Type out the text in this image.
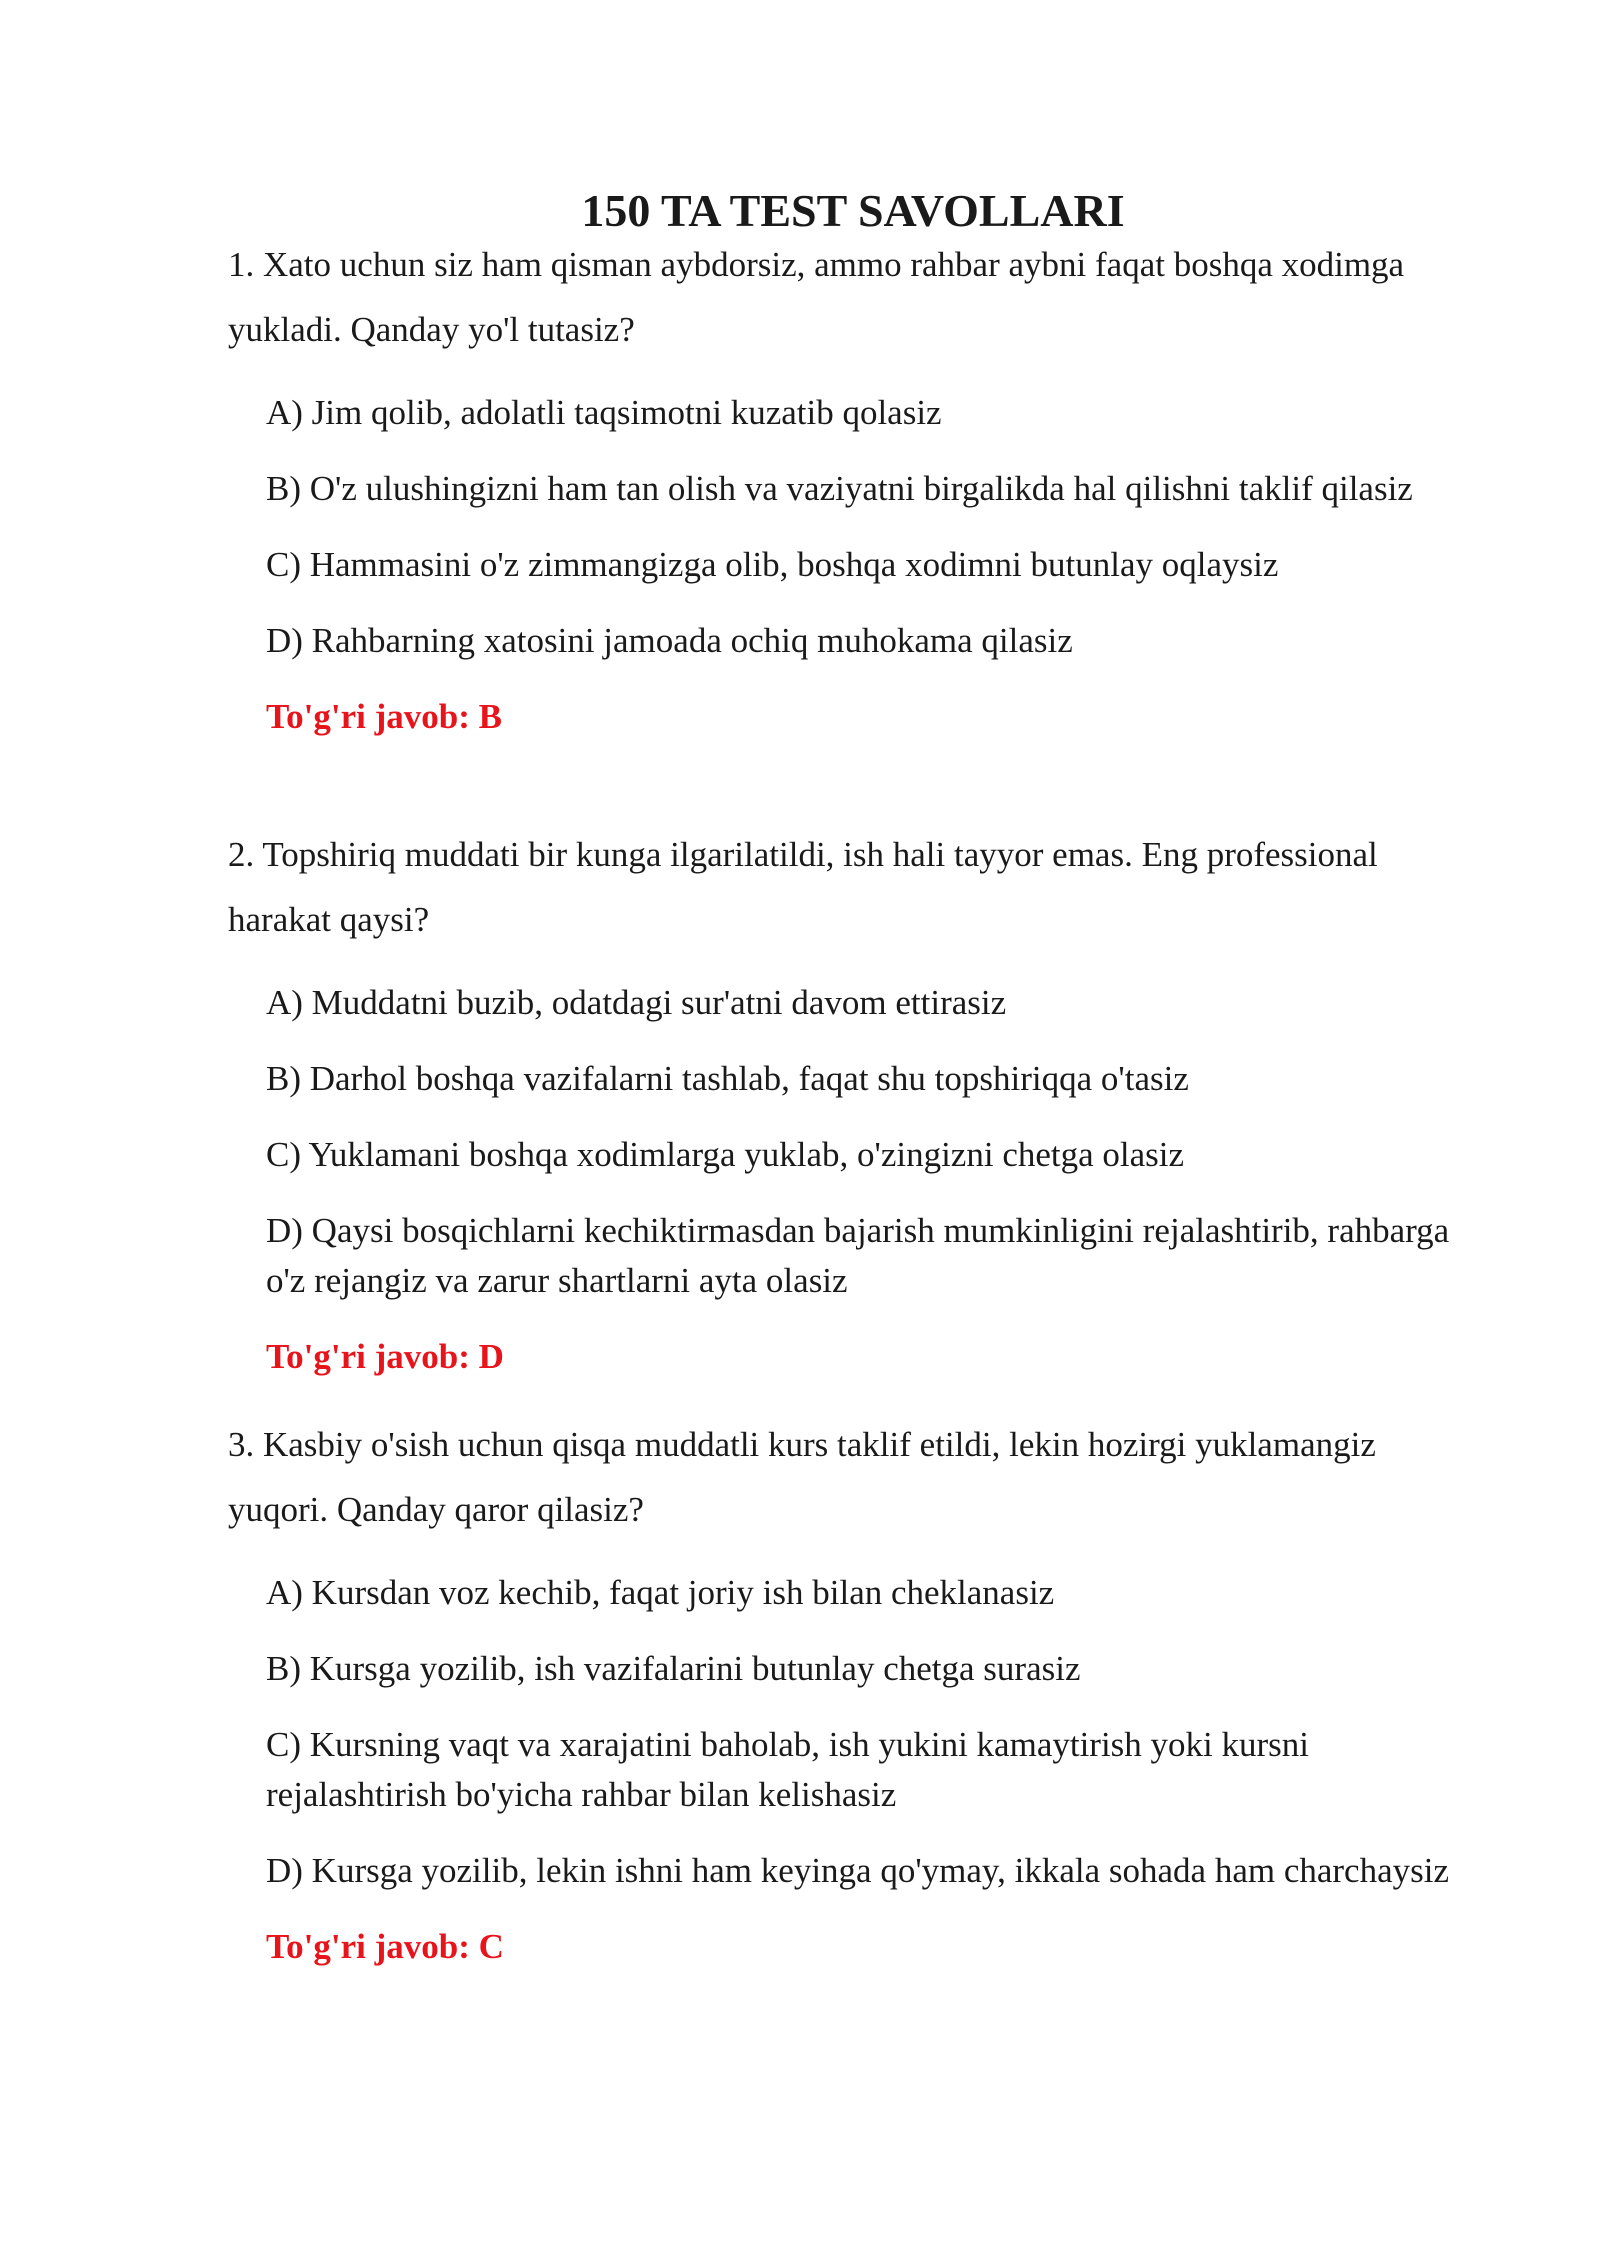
150 TA TEST SAVOLLARI

1. Xato uchun siz ham qisman aybdorsiz, ammo rahbar aybni faqat boshqa xodimga yukladi. Qanday yo'l tutasiz?

A) Jim qolib, adolatli taqsimotni kuzatib qolasiz
B) O'z ulushingizni ham tan olish va vaziyatni birgalikda hal qilishni taklif qilasiz
C) Hammasini o'z zimmangizga olib, boshqa xodimni butunlay oqlaysiz
D) Rahbarning xatosini jamoada ochiq muhokama qilasiz
To'g'ri javob: B

2. Topshiriq muddati bir kunga ilgarilatildi, ish hali tayyor emas. Eng professional harakat qaysi?

A) Muddatni buzib, odatdagi sur'atni davom ettirasiz
B) Darhol boshqa vazifalarni tashlab, faqat shu topshiriqqa o'tasiz
C) Yuklamani boshqa xodimlarga yuklab, o'zingizni chetga olasiz
D) Qaysi bosqichlarni kechiktirmasdan bajarish mumkinligini rejalashtirib, rahbarga o'z rejangiz va zarur shartlarni ayta olasiz
To'g'ri javob: D

3. Kasbiy o'sish uchun qisqa muddatli kurs taklif etildi, lekin hozirgi yuklamangiz yuqori. Qanday qaror qilasiz?

A) Kursdan voz kechib, faqat joriy ish bilan cheklanasiz
B) Kursga yozilib, ish vazifalarini butunlay chetga surasiz
C) Kursning vaqt va xarajatini baholab, ish yukini kamaytirish yoki kursni rejalashtirish bo'yicha rahbar bilan kelishasiz
D) Kursga yozilib, lekin ishni ham keyinga qo'ymay, ikkala sohada ham charchaysiz
To'g'ri javob: C
